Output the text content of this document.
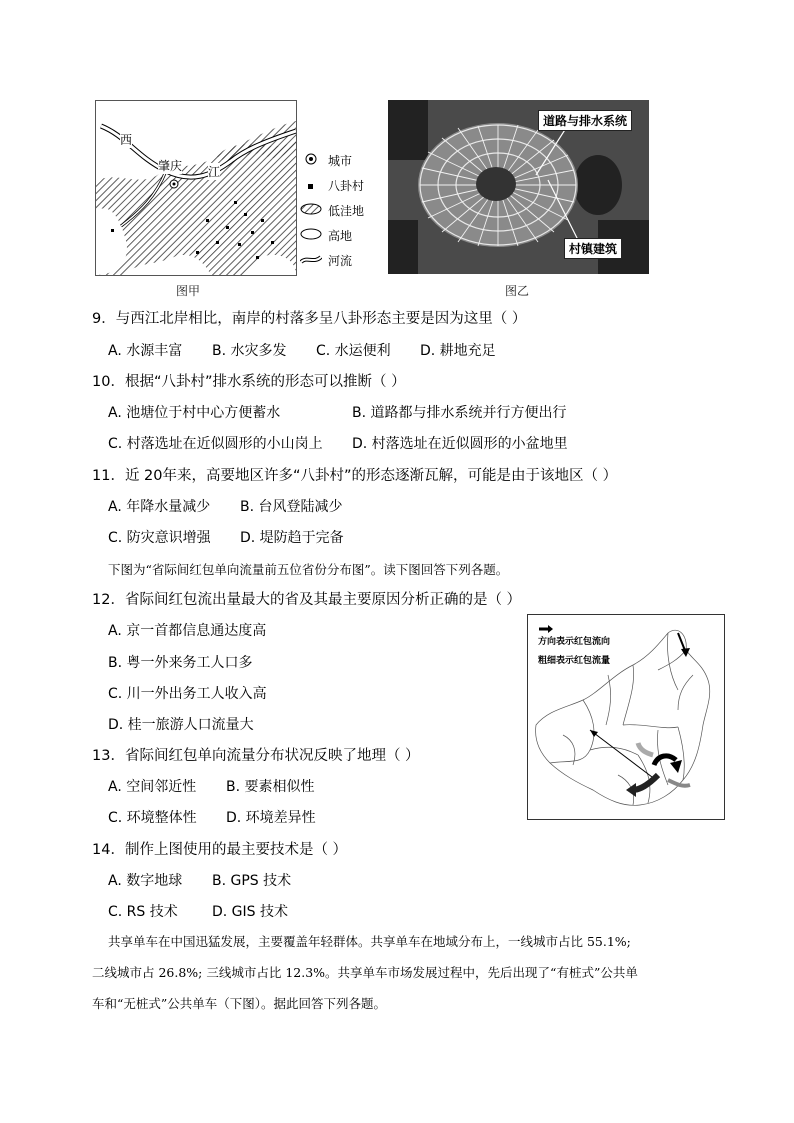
西
肇庆 江
城市
八卦村
低洼地
高地
河流
图甲
道路与排水系统
村镇建筑
图乙
9．与西江北岸相比，南岸的村落多呈八卦形态主要是因为这里（ ）
A. 水源丰富 B. 水灾多发 C. 水运便利 D. 耕地充足
10．根据“八卦村”排水系统的形态可以推断（ ）
A. 池塘位于村中心方便蓄水	B. 道路都与排水系统并行方便出行
C. 村落选址在近似圆形的小山岗上 D. 村落选址在近似圆形的小盆地里
11．近 20年来，高要地区许多“八卦村”的形态逐渐瓦解，可能是由于该地区（ ）
A. 年降水量减少 B. 台风登陆减少
C. 防灾意识增强 D. 堤防趋于完备
下图为“省际间红包单向流量前五位省份分布图”。读下图回答下列各题。
12．省际间红包流出量最大的省及其最主要原因分析正确的是（ ）
A. 京一首都信息通达度高
B. 粤一外来务工人口多
C. 川一外出务工人收入高
D. 桂一旅游人口流量大
13．省际间红包单向流量分布状况反映了地理（ ）
A. 空间邻近性 B. 要素相似性
C. 环境整体性 D. 环境差异性
14．制作上图使用的最主要技术是（ ）
A. 数字地球 B. GPS 技术
C. RS 技术 D. GIS 技术
方向表示红包流向
粗细表示红包流量
共享单车在中国迅猛发展，主要覆盖年轻群体。共享单车在地域分布上，一线城市占比 55.1%;
二线城市占 26.8%; 三线城市占比 12.3%。共享单车市场发展过程中，先后出现了“有桩式”公共单
车和“无桩式”公共单车（下图）。据此回答下列各题。
